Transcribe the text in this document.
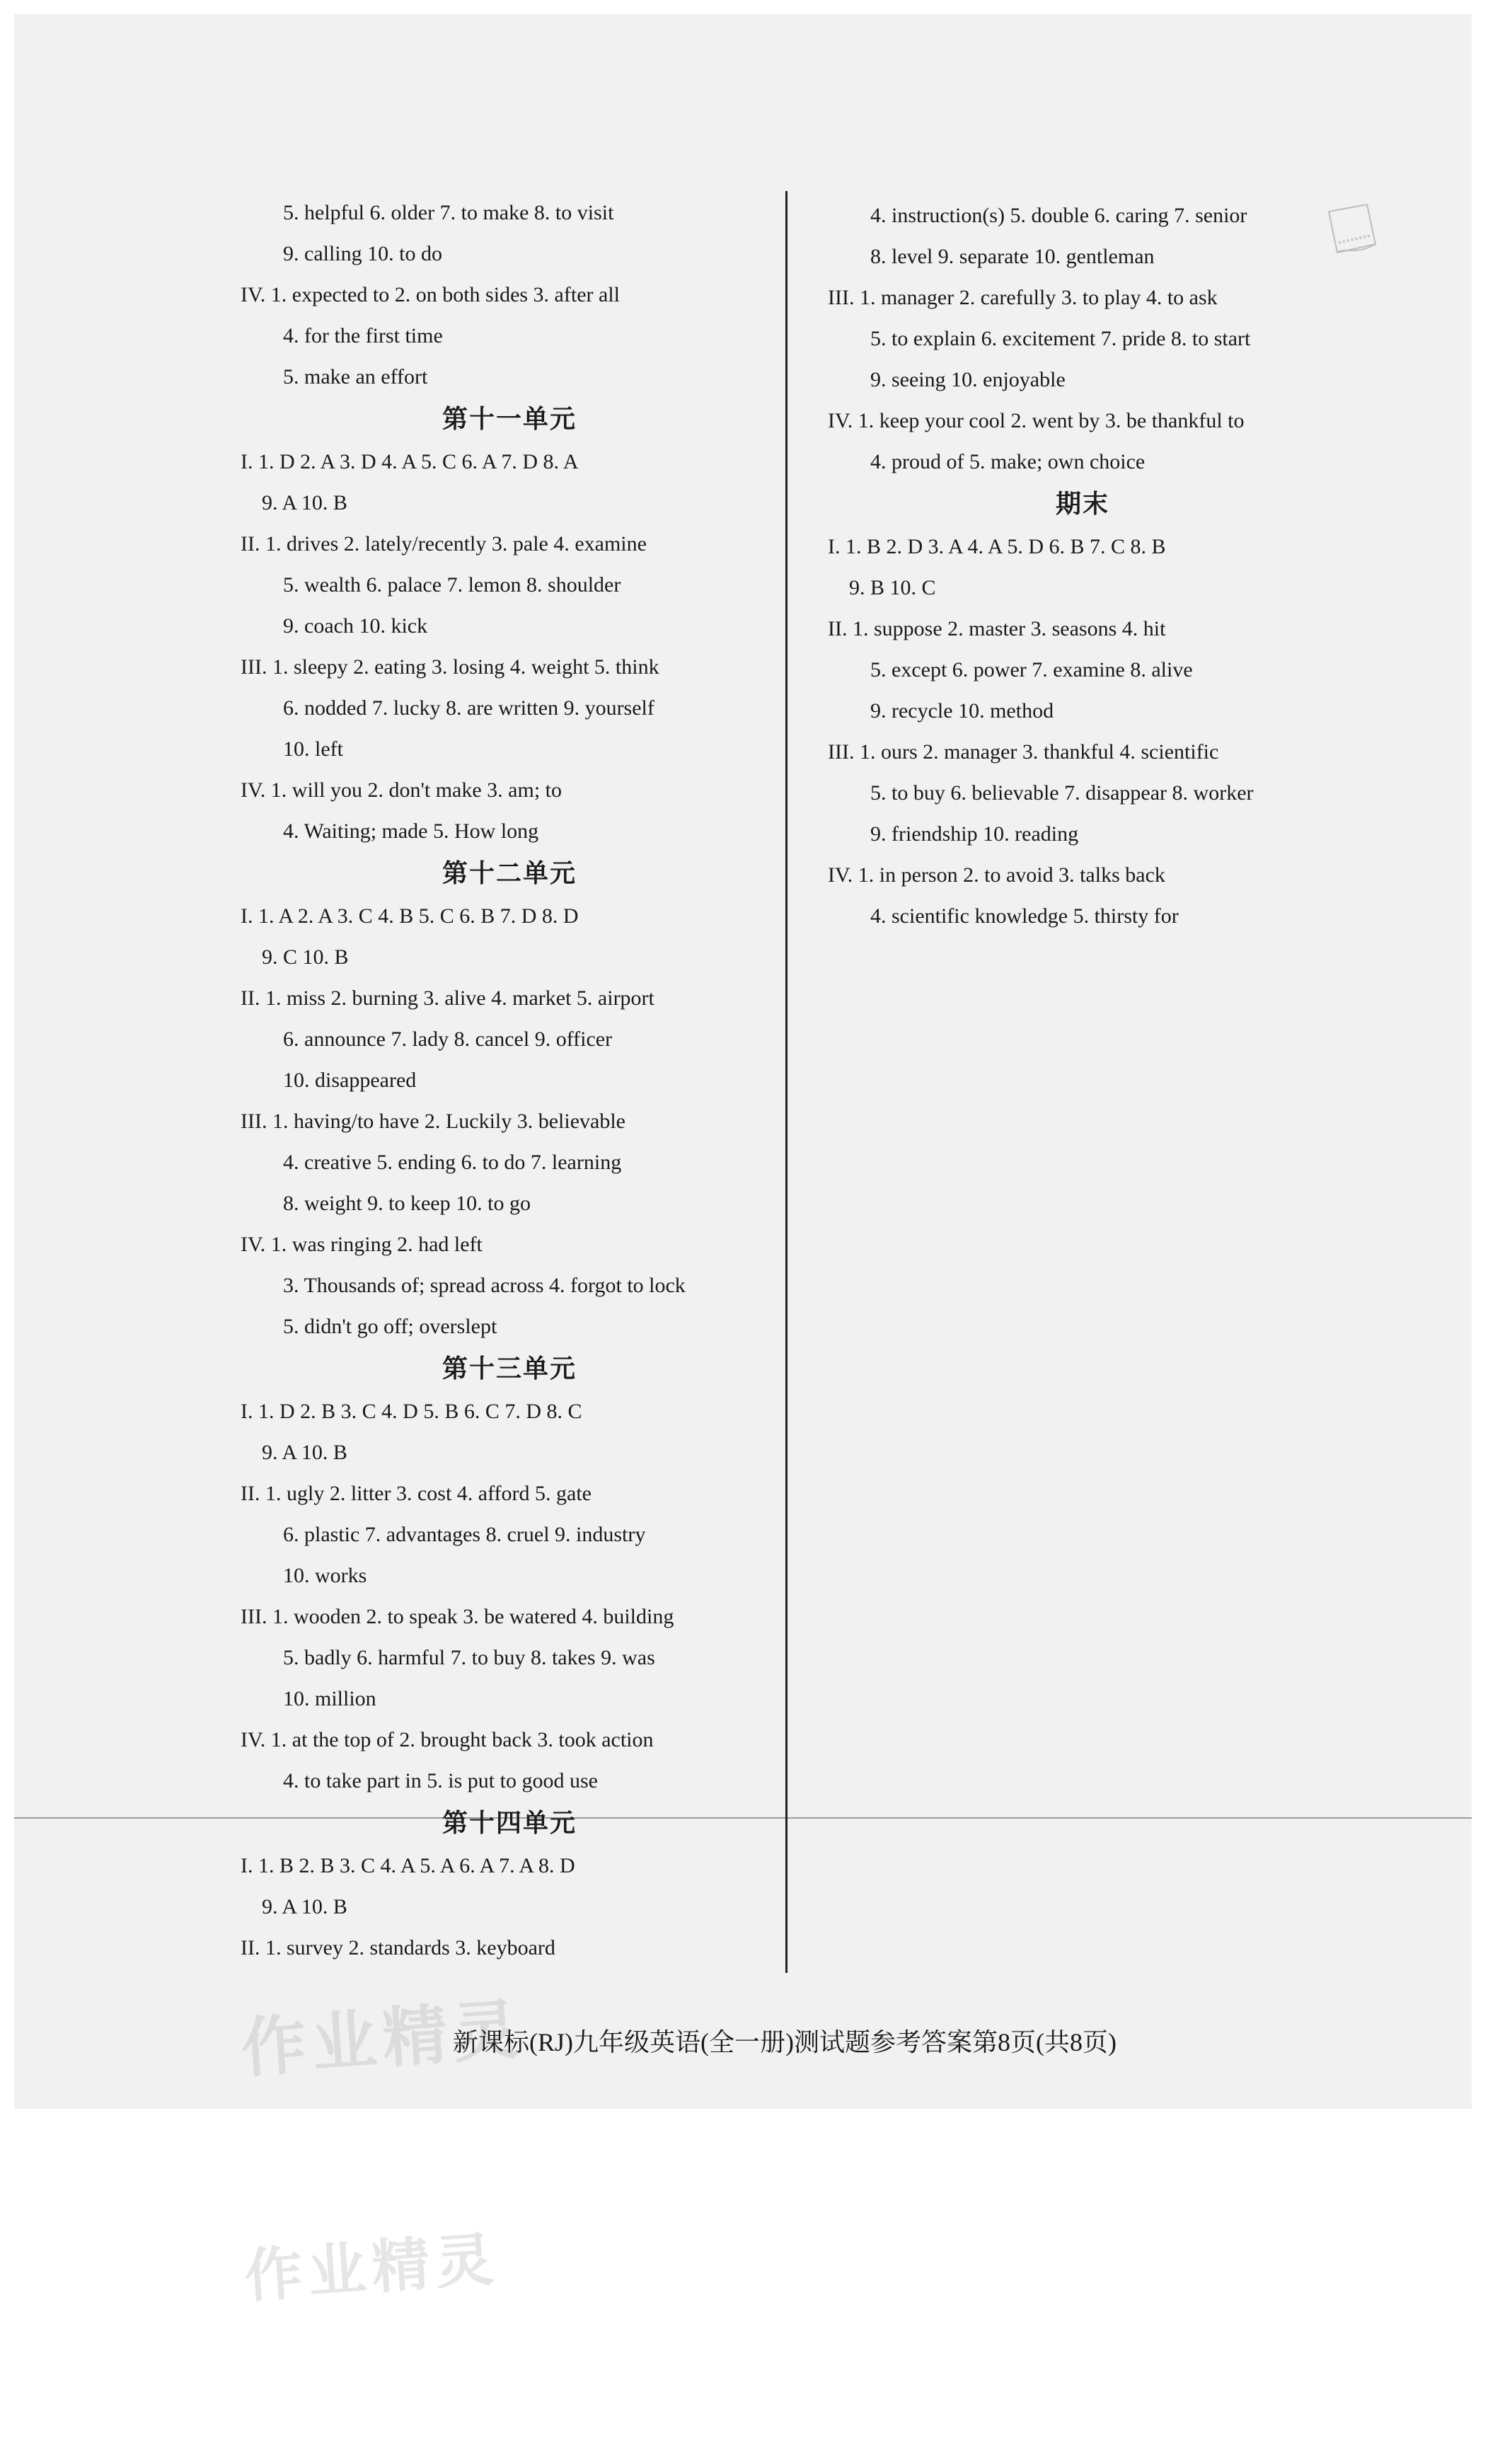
5. helpful 6. older 7. to make 8. to visit
9. calling 10. to do
IV. 1. expected to 2. on both sides 3. after all
4. for the first time
5. make an effort
第十一单元
I. 1. D 2. A 3. D 4. A 5. C 6. A 7. D 8. A
9. A 10. B
II. 1. drives 2. lately/recently 3. pale 4. examine
5. wealth 6. palace 7. lemon 8. shoulder
9. coach 10. kick
III. 1. sleepy 2. eating 3. losing 4. weight 5. think
6. nodded 7. lucky 8. are written 9. yourself
10. left
IV. 1. will you 2. don't make 3. am; to
4. Waiting; made 5. How long
第十二单元
I. 1. A 2. A 3. C 4. B 5. C 6. B 7. D 8. D
9. C 10. B
II. 1. miss 2. burning 3. alive 4. market 5. airport
6. announce 7. lady 8. cancel 9. officer
10. disappeared
III. 1. having/to have 2. Luckily 3. believable
4. creative 5. ending 6. to do 7. learning
8. weight 9. to keep 10. to go
IV. 1. was ringing 2. had left
3. Thousands of; spread across 4. forgot to lock
5. didn't go off; overslept
第十三单元
I. 1. D 2. B 3. C 4. D 5. B 6. C 7. D 8. C
9. A 10. B
II. 1. ugly 2. litter 3. cost 4. afford 5. gate
6. plastic 7. advantages 8. cruel 9. industry
10. works
III. 1. wooden 2. to speak 3. be watered 4. building
5. badly 6. harmful 7. to buy 8. takes 9. was
10. million
IV. 1. at the top of 2. brought back 3. took action
4. to take part in 5. is put to good use
第十四单元
I. 1. B 2. B 3. C 4. A 5. A 6. A 7. A 8. D
9. A 10. B
II. 1. survey 2. standards 3. keyboard
4. instruction(s) 5. double 6. caring 7. senior
8. level 9. separate 10. gentleman
III. 1. manager 2. carefully 3. to play 4. to ask
5. to explain 6. excitement 7. pride 8. to start
9. seeing 10. enjoyable
IV. 1. keep your cool 2. went by 3. be thankful to
4. proud of 5. make; own choice
期末
I. 1. B 2. D 3. A 4. A 5. D 6. B 7. C 8. B
9. B 10. C
II. 1. suppose 2. master 3. seasons 4. hit
5. except 6. power 7. examine 8. alive
9. recycle 10. method
III. 1. ours 2. manager 3. thankful 4. scientific
5. to buy 6. believable 7. disappear 8. worker
9. friendship 10. reading
IV. 1. in person 2. to avoid 3. talks back
4. scientific knowledge 5. thirsty for
作业精灵
作业精灵
新课标(RJ)九年级英语(全一册)测试题参考答案第8页(共8页)
